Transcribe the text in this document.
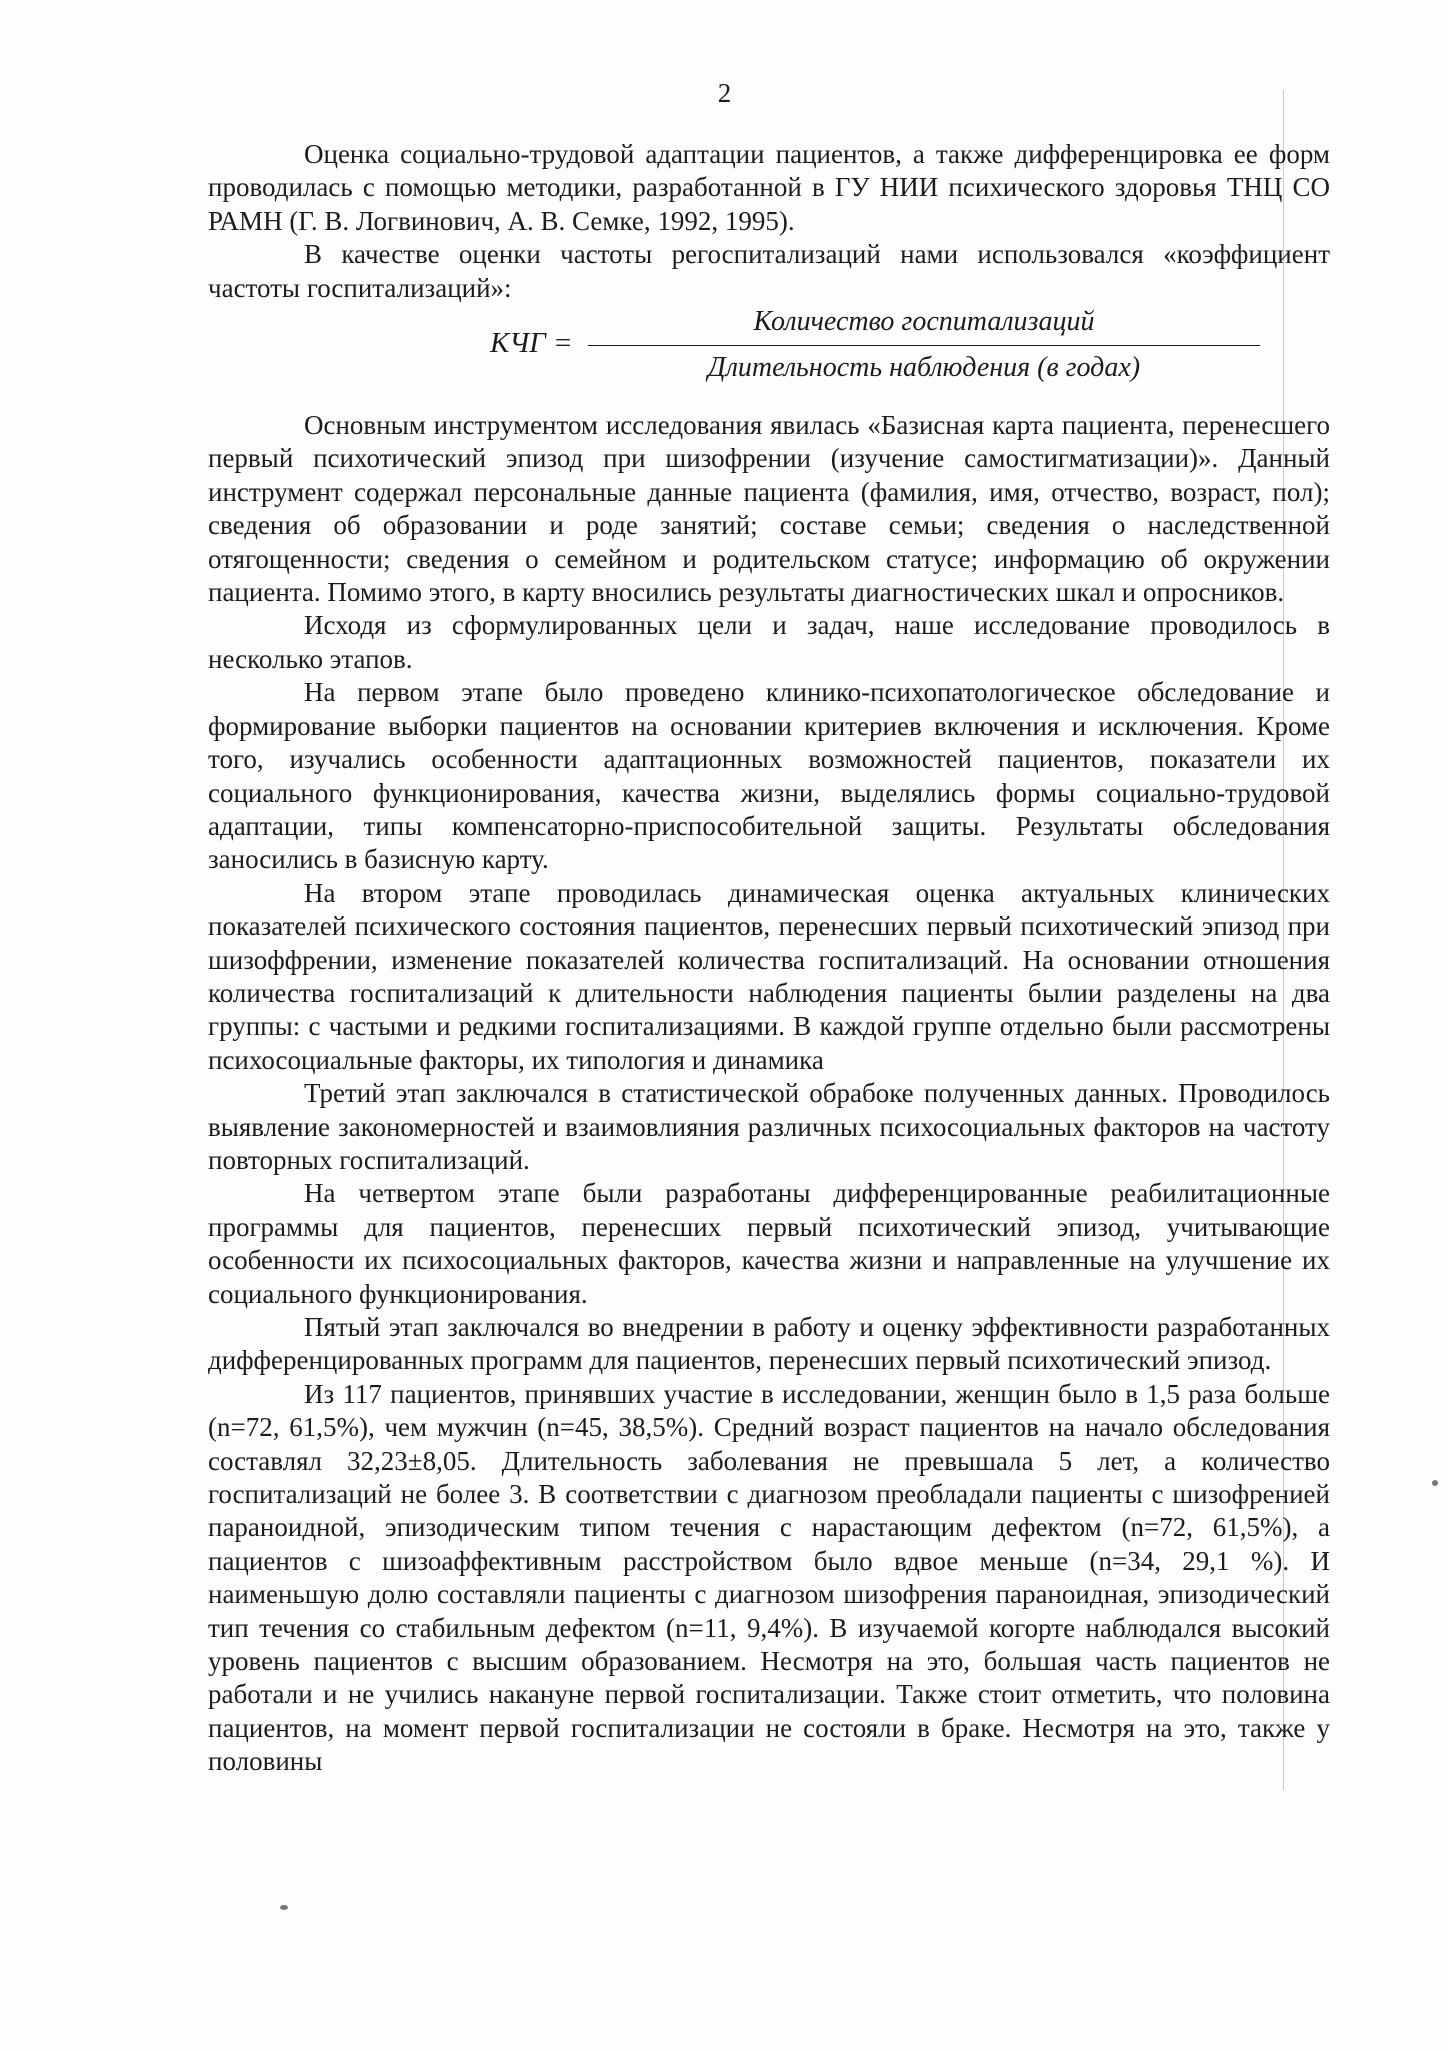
2

Оценка социально-трудовой адаптации пациентов, а также дифференцировка ее форм проводилась с помощью методики, разработанной в ГУ НИИ психического здоровья ТНЦ СО РАМН (Г. В. Логвинович, А. В. Семке, 1992, 1995).

В качестве оценки частоты регоспитализаций нами использовался «коэффициент частоты госпитализаций»:

КЧГ =
Количество госпитализаций
Длительность наблюдения (в годах)

Основным инструментом исследования явилась «Базисная карта пациента, перенесшего первый психотический эпизод при шизофрении (изучение самостигматизации)». Данный инструмент содержал персональные данные пациента (фамилия, имя, отчество, возраст, пол); сведения об образовании и роде занятий; составе семьи; сведения о наследственной отягощенности; сведения о семейном и родительском статусе; информацию об окружении пациента. Помимо этого, в карту вносились результаты диагностических шкал и опросников.

Исходя из сформулированных цели и задач, наше исследование проводилось в несколько этапов.

На первом этапе было проведено клинико-психопатологическое обследование и формирование выборки пациентов на основании критериев включения и исключения. Кроме того, изучались особенности адаптационных возможностей пациентов, показатели их социального функционирования, качества жизни, выделялись формы социально-трудовой адаптации, типы компенсаторно-приспособительной защиты. Результаты обследования заносились в базисную карту.

На втором этапе проводилась динамическая оценка актуальных клинических показателей психического состояния пациентов, перенесших первый психотический эпизод при шизоффрении, изменение показателей количества госпитализаций. На основании отношения количества госпитализаций к длительности наблюдения пациенты былии разделены на два группы: с частыми и редкими госпитализациями. В каждой группе отдельно были рассмотрены психосоциальные факторы, их типология и динамика

Третий этап заключался в статистической обрабоке полученных данных. Проводилось выявление закономерностей и взаимовлияния различных психосоциальных факторов на частоту повторных госпитализаций.

На четвертом этапе были разработаны дифференцированные реабилитационные программы для пациентов, перенесших первый психотический эпизод, учитывающие особенности их психосоциальных факторов, качества жизни и направленные на улучшение их социального функционирования.

Пятый этап заключался во внедрении в работу и оценку эффективности разработанных дифференцированных программ для пациентов, перенесших первый психотический эпизод.

Из 117 пациентов, принявших участие в исследовании, женщин было в 1,5 раза больше (n=72, 61,5%), чем мужчин (n=45, 38,5%). Средний возраст пациентов на начало обследования составлял 32,23±8,05. Длительность заболевания не превышала 5 лет, а количество госпитализаций не более 3. В соответствии с диагнозом преобладали пациенты с шизофренией параноидной, эпизодическим типом течения с нарастающим дефектом (n=72, 61,5%), а пациентов с шизоаффективным расстройством было вдвое меньше (n=34, 29,1 %). И наименьшую долю составляли пациенты с диагнозом шизофрения параноидная, эпизодический тип течения со стабильным дефектом (n=11, 9,4%). В изучаемой когорте наблюдался высокий уровень пациентов с высшим образованием. Несмотря на это, большая часть пациентов не работали и не учились накануне первой госпитализации. Также стоит отметить, что половина пациентов, на момент первой госпитализации не состояли в браке. Несмотря на это, также у половины
